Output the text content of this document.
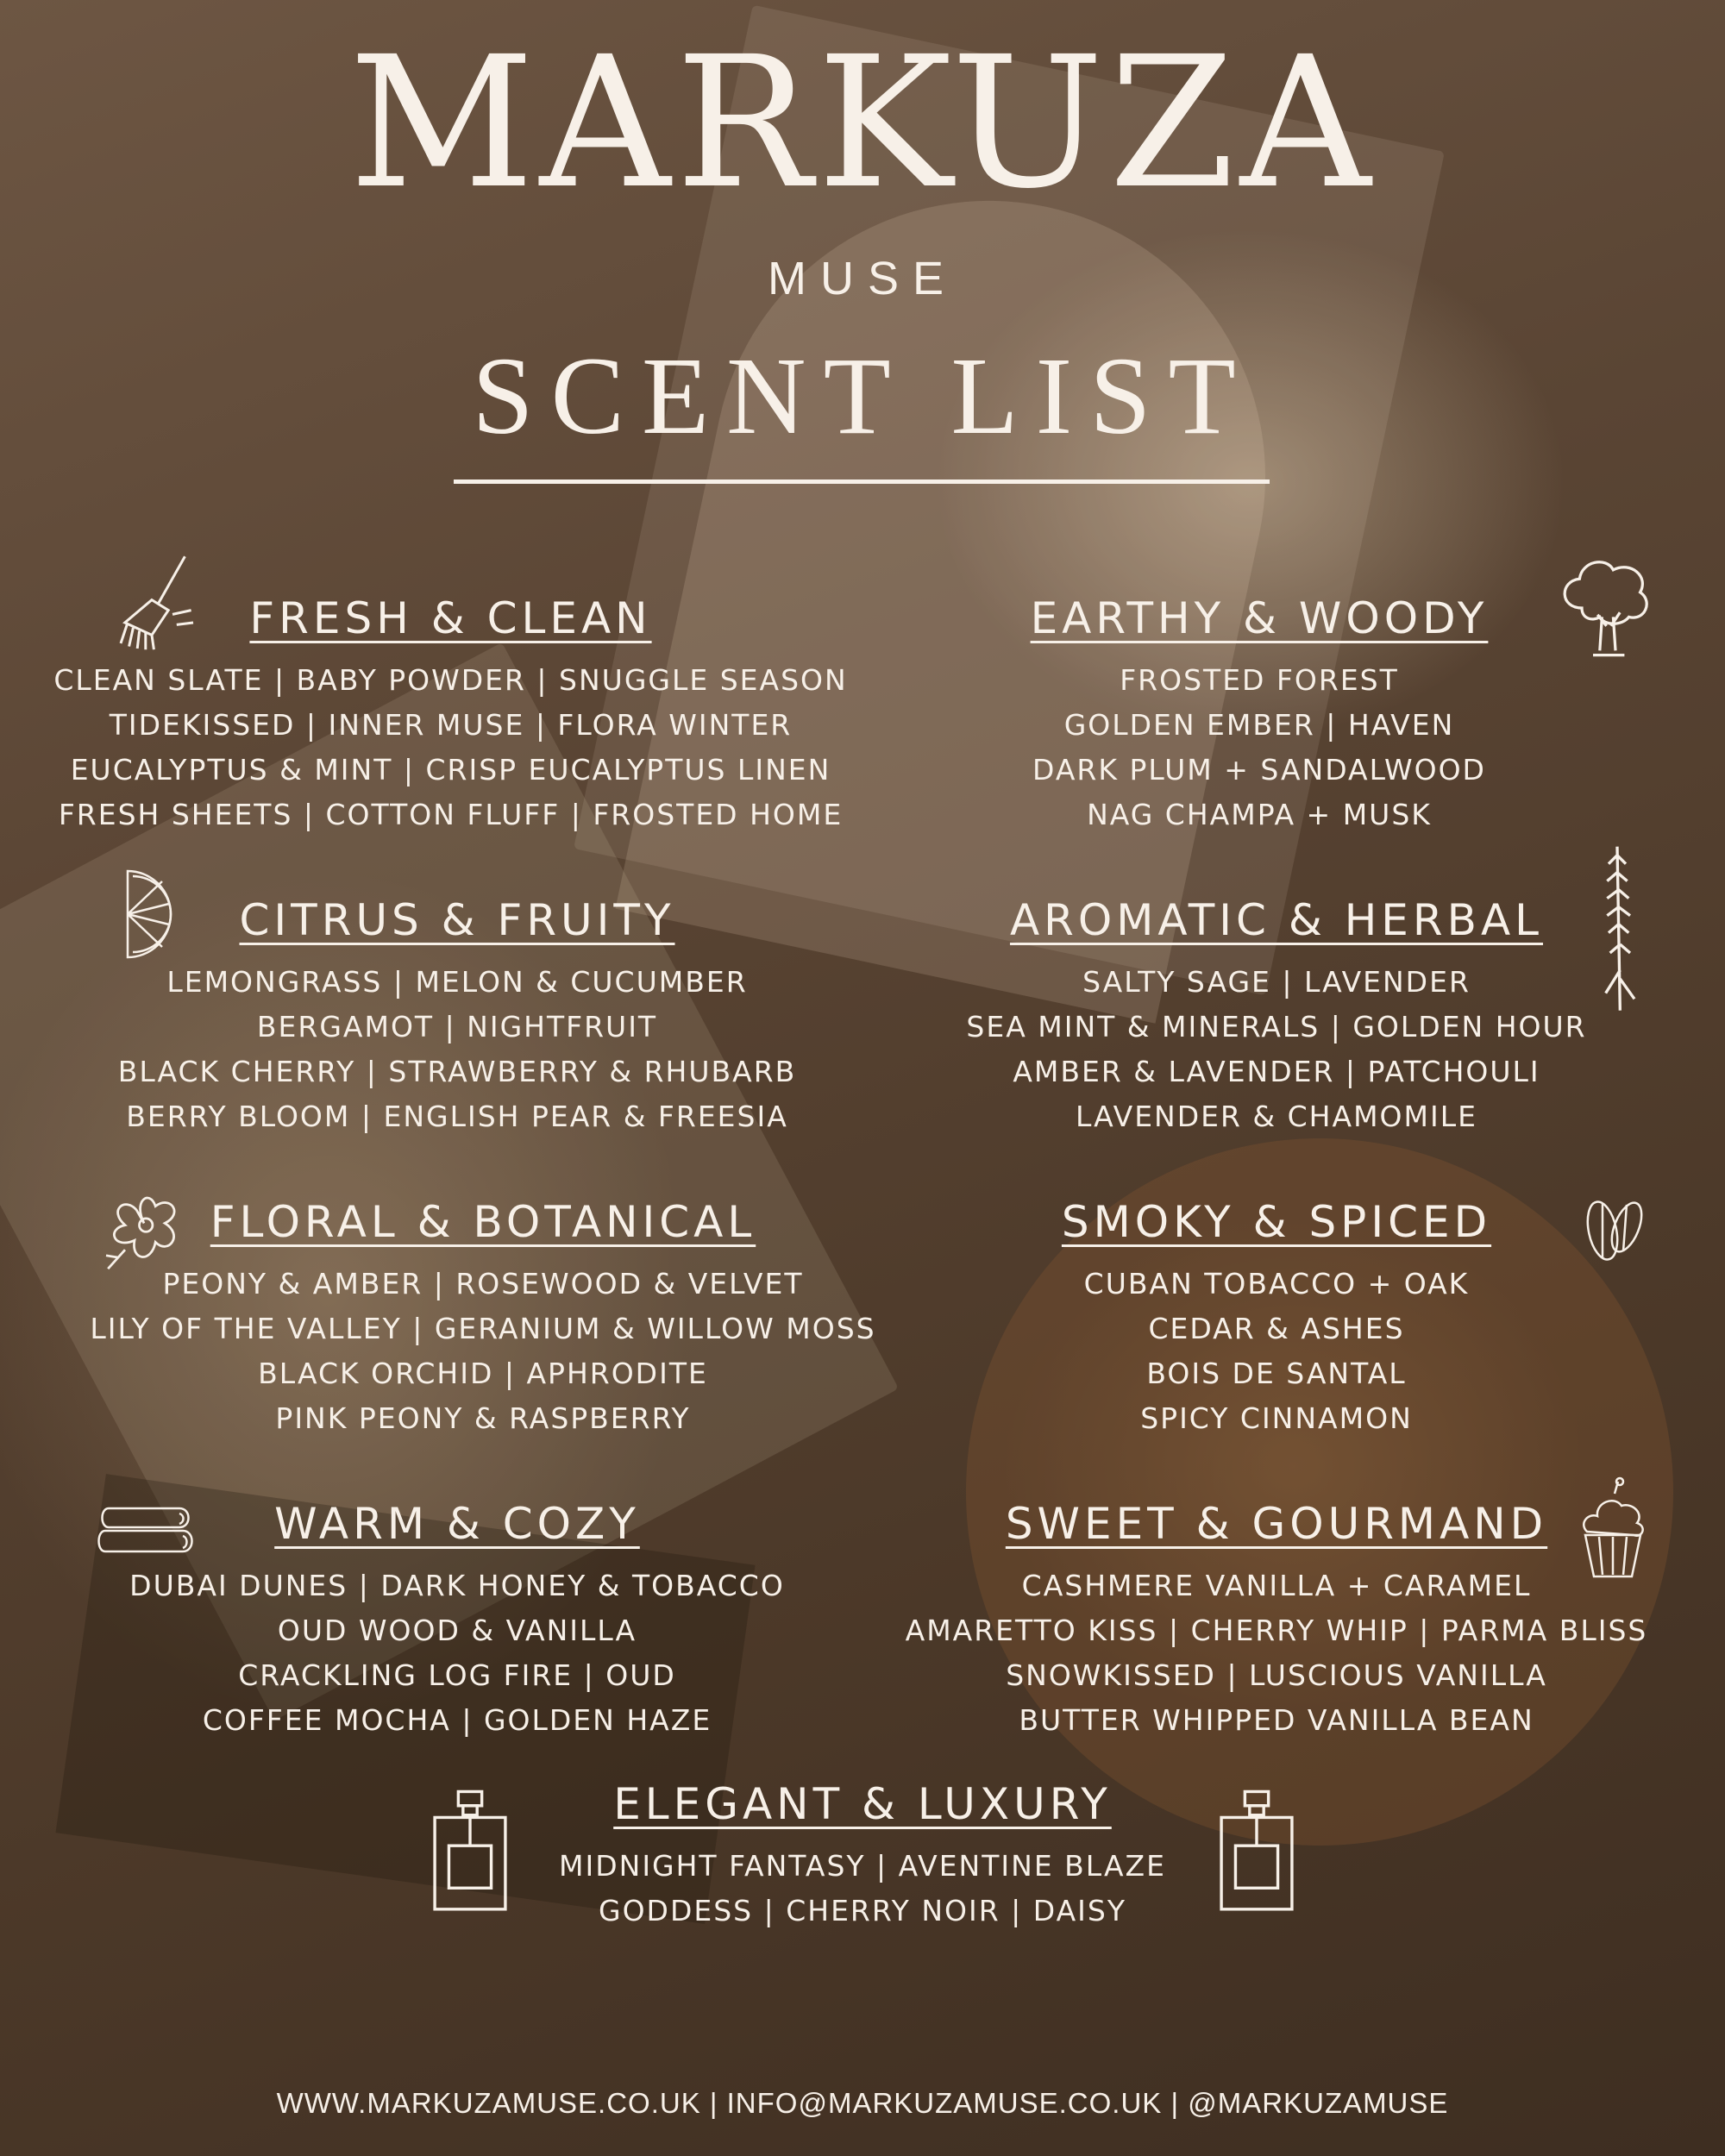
MARKUZA
MUSE
SCENT LIST
FRESH & CLEAN
CLEAN SLATE | BABY POWDER | SNUGGLE SEASON
TIDEKISSED | INNER MUSE | FLORA WINTER
EUCALYPTUS & MINT | CRISP EUCALYPTUS LINEN
FRESH SHEETS | COTTON FLUFF | FROSTED HOME
EARTHY & WOODY
FROSTED FOREST
GOLDEN EMBER | HAVEN
DARK PLUM + SANDALWOOD
NAG CHAMPA + MUSK
CITRUS & FRUITY
LEMONGRASS | MELON & CUCUMBER
BERGAMOT | NIGHTFRUIT
BLACK CHERRY | STRAWBERRY & RHUBARB
BERRY BLOOM | ENGLISH PEAR & FREESIA
AROMATIC & HERBAL
SALTY SAGE | LAVENDER
SEA MINT & MINERALS | GOLDEN HOUR
AMBER & LAVENDER | PATCHOULI
LAVENDER & CHAMOMILE
FLORAL & BOTANICAL
PEONY & AMBER | ROSEWOOD & VELVET
LILY OF THE VALLEY | GERANIUM & WILLOW MOSS
BLACK ORCHID | APHRODITE
PINK PEONY & RASPBERRY
SMOKY & SPICED
CUBAN TOBACCO + OAK
CEDAR & ASHES
BOIS DE SANTAL
SPICY CINNAMON
WARM & COZY
DUBAI DUNES | DARK HONEY & TOBACCO
OUD WOOD & VANILLA
CRACKLING LOG FIRE | OUD
COFFEE MOCHA | GOLDEN HAZE
SWEET & GOURMAND
CASHMERE VANILLA + CARAMEL
AMARETTO KISS | CHERRY WHIP | PARMA BLISS
SNOWKISSED | LUSCIOUS VANILLA
BUTTER WHIPPED VANILLA BEAN
ELEGANT & LUXURY
MIDNIGHT FANTASY | AVENTINE BLAZE
GODDESS | CHERRY NOIR | DAISY
WWW.MARKUZAMUSE.CO.UK | INFO@MARKUZAMUSE.CO.UK | @MARKUZAMUSE
